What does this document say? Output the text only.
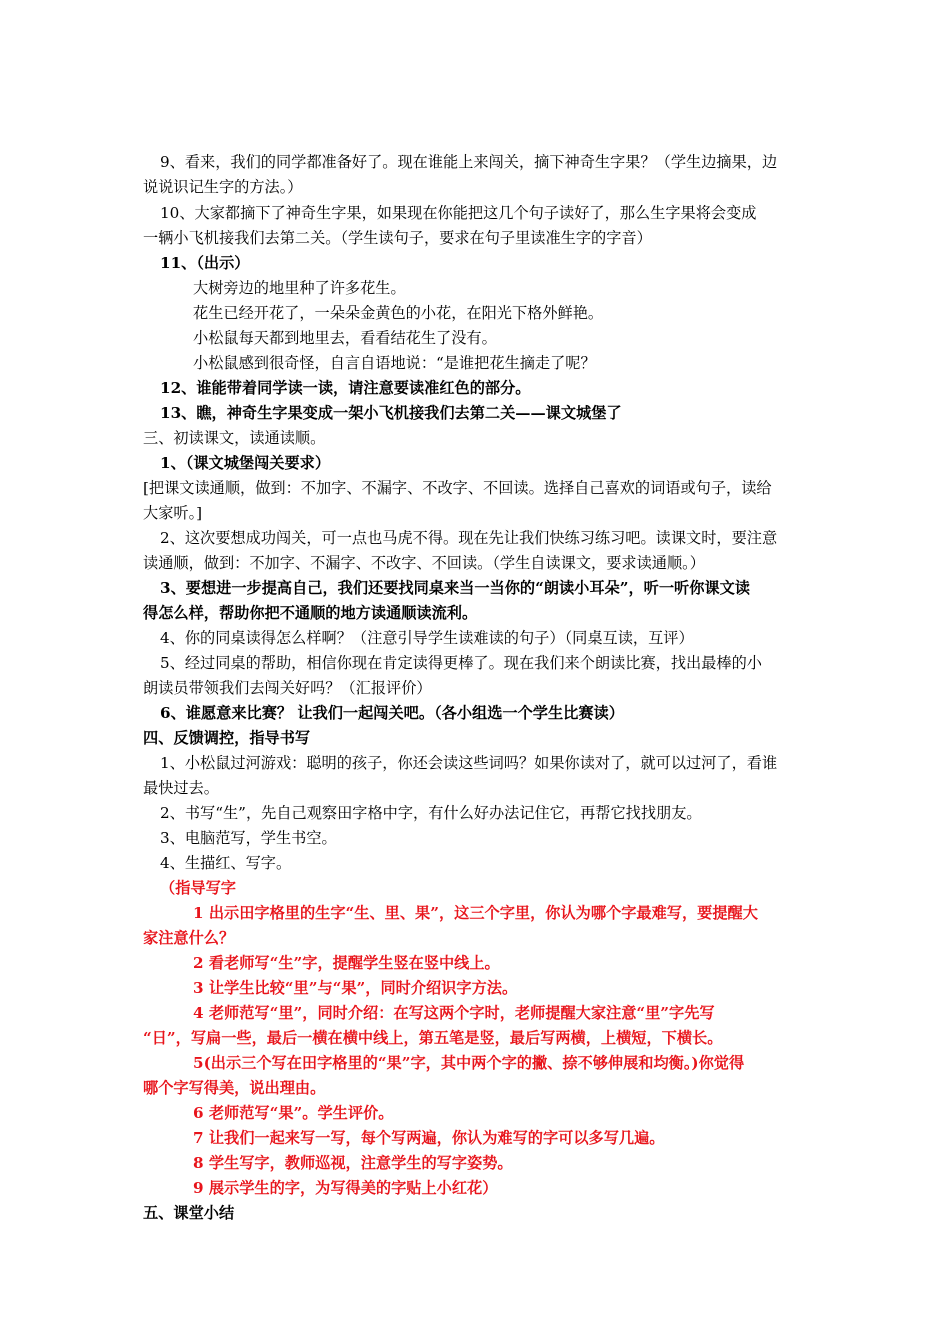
9、看来，我们的同学都准备好了。现在谁能上来闯关，摘下神奇生字果？（学生边摘果，边
说说识记生字的方法。）
10、大家都摘下了神奇生字果，如果现在你能把这几个句子读好了，那么生字果将会变成
一辆小飞机接我们去第二关。（学生读句子，要求在句子里读准生字的字音）
11、（出示）
大树旁边的地里种了许多花生。
花生已经开花了，一朵朵金黄色的小花，在阳光下格外鲜艳。
小松鼠每天都到地里去，看看结花生了没有。
小松鼠感到很奇怪，自言自语地说：“是谁把花生摘走了呢？
12、谁能带着同学读一读，请注意要读准红色的部分。
13、瞧，神奇生字果变成一架小飞机接我们去第二关——课文城堡了
三、初读课文，读通读顺。
1、（课文城堡闯关要求）
[把课文读通顺，做到：不加字、不漏字、不改字、不回读。选择自己喜欢的词语或句子，读给
大家听。]
2、这次要想成功闯关，可一点也马虎不得。现在先让我们快练习练习吧。读课文时，要注意
读通顺，做到：不加字、不漏字、不改字、不回读。（学生自读课文，要求读通顺。）
3、要想进一步提高自己，我们还要找同桌来当一当你的“朗读小耳朵”，听一听你课文读
得怎么样，帮助你把不通顺的地方读通顺读流利。
4、你的同桌读得怎么样啊？（注意引导学生读难读的句子）（同桌互读，互评）
5、经过同桌的帮助，相信你现在肯定读得更棒了。现在我们来个朗读比赛，找出最棒的小
朗读员带领我们去闯关好吗？（汇报评价）
6、谁愿意来比赛？ 让我们一起闯关吧。（各小组选一个学生比赛读）
四、反馈调控，指导书写
1、小松鼠过河游戏：聪明的孩子，你还会读这些词吗？如果你读对了，就可以过河了，看谁
最快过去。
2、书写“生”，先自己观察田字格中字，有什么好办法记住它，再帮它找找朋友。
3、电脑范写，学生书空。
4、生描红、写字。
（指导写字
1 出示田字格里的生字“生、里、果”，这三个字里，你认为哪个字最难写，要提醒大
家注意什么？
2 看老师写“生”字，提醒学生竖在竖中线上。
3 让学生比较“里”与“果”，同时介绍识字方法。
4 老师范写“里”，同时介绍：在写这两个字时，老师提醒大家注意“里”字先写
“日”，写扁一些，最后一横在横中线上，第五笔是竖，最后写两横，上横短，下横长。
5(出示三个写在田字格里的“果”字，其中两个字的撇、捺不够伸展和均衡。)你觉得
哪个字写得美，说出理由。
6 老师范写“果”。学生评价。
7 让我们一起来写一写，每个写两遍，你认为难写的字可以多写几遍。
8 学生写字，教师巡视，注意学生的写字姿势。
9 展示学生的字，为写得美的字贴上小红花）
五、课堂小结
